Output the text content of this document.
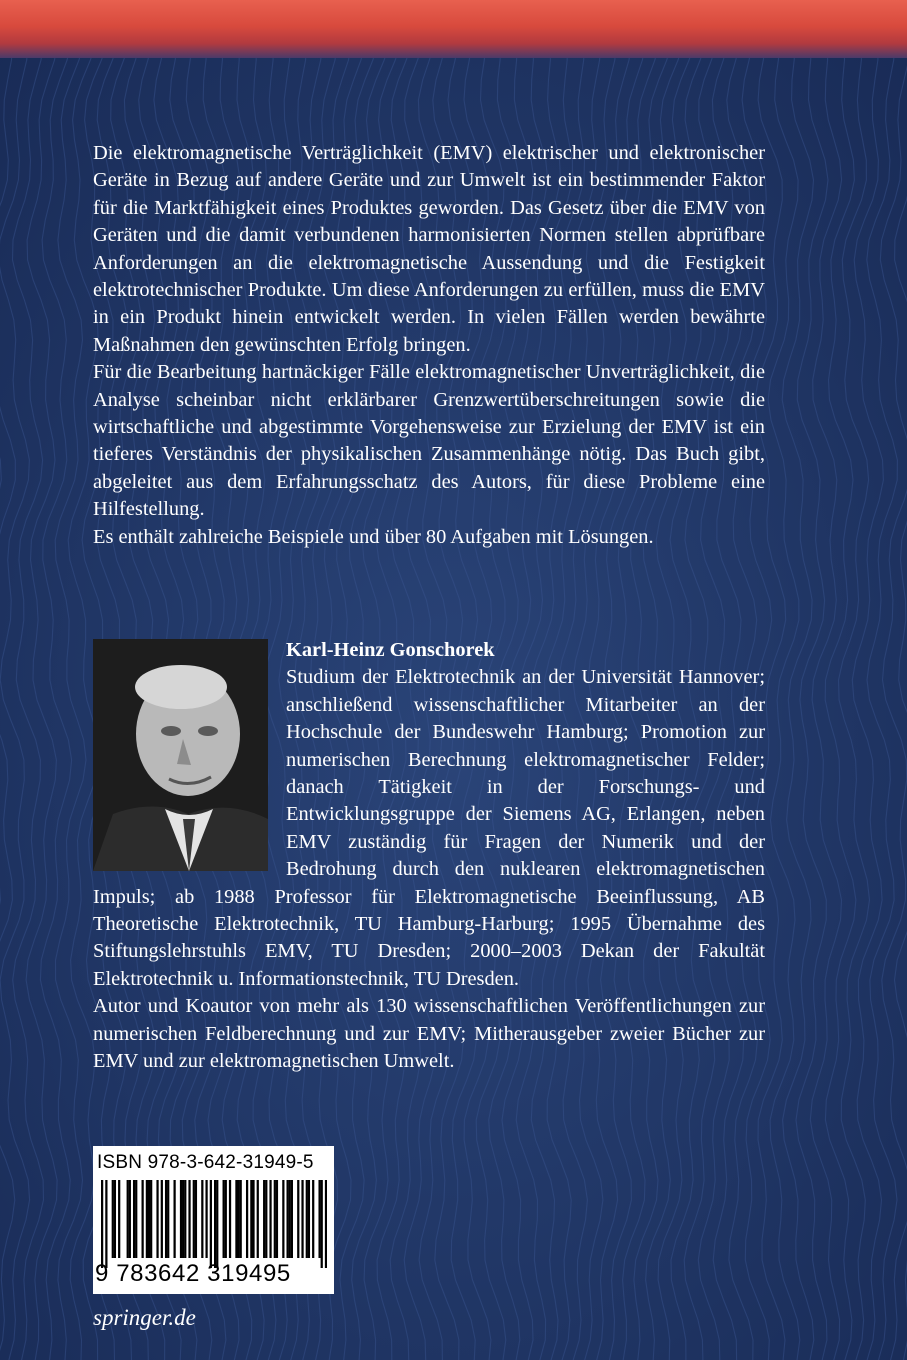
Die elektromagnetische Verträglichkeit (EMV) elektrischer und elektronischer Geräte in Bezug auf andere Geräte und zur Umwelt ist ein bestimmender Faktor für die Marktfähigkeit eines Produktes geworden. Das Gesetz über die EMV von Geräten und die damit verbundenen harmonisierten Normen stellen abprüfbare Anforderungen an die elektromagnetische Aussendung und die Festigkeit elektrotechnischer Produkte. Um diese Anforderungen zu erfüllen, muss die EMV in ein Produkt hinein entwickelt werden. In vielen Fällen werden bewährte Maßnahmen den gewünschten Erfolg bringen.

Für die Bearbeitung hartnäckiger Fälle elektromagnetischer Unverträglichkeit, die Analyse scheinbar nicht erklärbarer Grenzwertüberschreitungen sowie die wirtschaftliche und abgestimmte Vorgehensweise zur Erzielung der EMV ist ein tieferes Verständnis der physikalischen Zusammenhänge nötig. Das Buch gibt, abgeleitet aus dem Erfahrungsschatz des Autors, für diese Probleme eine Hilfestellung.

Es enthält zahlreiche Beispiele und über 80 Aufgaben mit Lösungen.

Karl-Heinz Gonschorek

Studium der Elektrotechnik an der Universität Hannover; anschließend wissenschaftlicher Mitarbeiter an der Hochschule der Bundeswehr Hamburg; Promotion zur numerischen Berechnung elektromagnetischer Felder; danach Tätigkeit in der Forschungs- und Entwicklungsgruppe der Siemens AG, Erlangen, neben EMV zuständig für Fragen der Numerik und der Bedrohung durch den nuklearen elektromagnetischen Impuls; ab 1988 Professor für Elektromagnetische Beeinflussung, AB Theoretische Elektrotechnik, TU Hamburg-Harburg; 1995 Übernahme des Stiftungslehrstuhls EMV, TU Dresden; 2000–2003 Dekan der Fakultät Elektrotechnik u. Informationstechnik, TU Dresden.

Autor und Koautor von mehr als 130 wissenschaftlichen Veröffentlichungen zur numerischen Feldberechnung und zur EMV; Mitherausgeber zweier Bücher zur EMV und zur elektromagnetischen Umwelt.

ISBN 978-3-642-31949-5
9 783642 319495
springer.de
